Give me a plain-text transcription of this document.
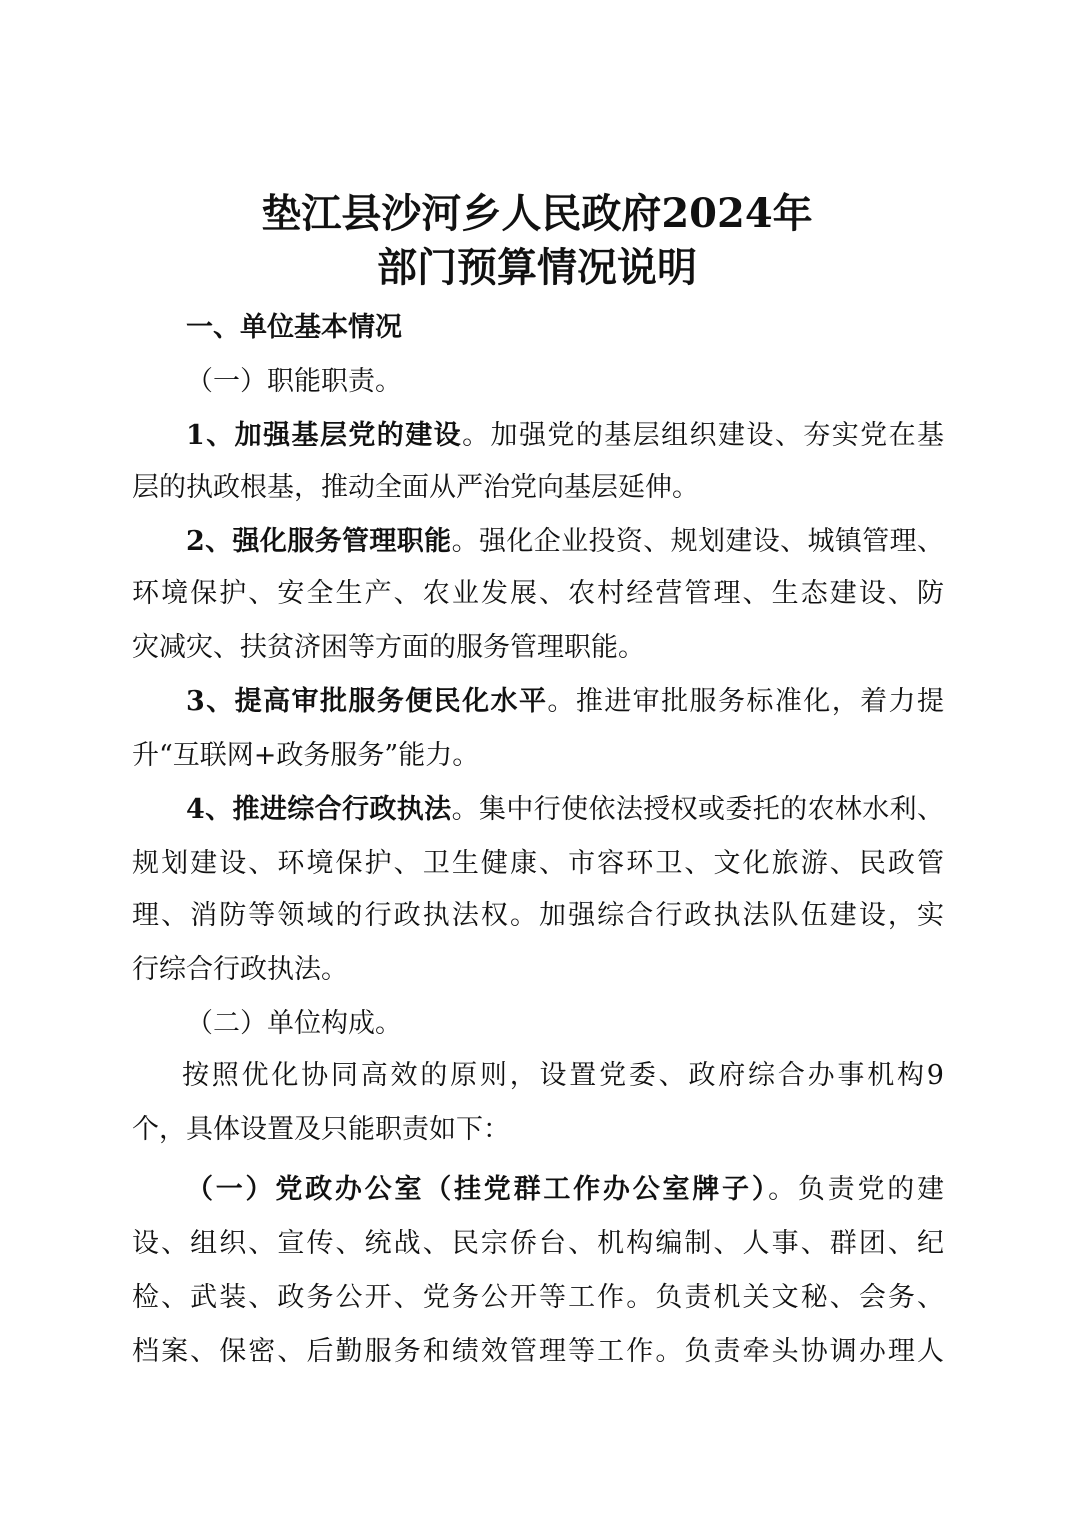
垫江县沙河乡人民政府2024年
部门预算情况说明
一、单位基本情况
（一）职能职责。
1、加强基层党的建设。加强党的基层组织建设、夯实党在基
层的执政根基，推动全面从严治党向基层延伸。
2、强化服务管理职能。强化企业投资、规划建设、城镇管理、
环境保护、安全生产、农业发展、农村经营管理、生态建设、防
灾减灾、扶贫济困等方面的服务管理职能。
3、提高审批服务便民化水平。推进审批服务标准化，着力提
升“互联网+政务服务”能力。
4、推进综合行政执法。集中行使依法授权或委托的农林水利、
规划建设、环境保护、卫生健康、市容环卫、文化旅游、民政管
理、消防等领域的行政执法权。加强综合行政执法队伍建设，实
行综合行政执法。
（二）单位构成。
按照优化协同高效的原则，设置党委、政府综合办事机构9
个，具体设置及只能职责如下：
（一）党政办公室（挂党群工作办公室牌子）。负责党的建
设、组织、宣传、统战、民宗侨台、机构编制、人事、群团、纪
检、武装、政务公开、党务公开等工作。负责机关文秘、会务、
档案、保密、后勤服务和绩效管理等工作。负责牵头协调办理人
